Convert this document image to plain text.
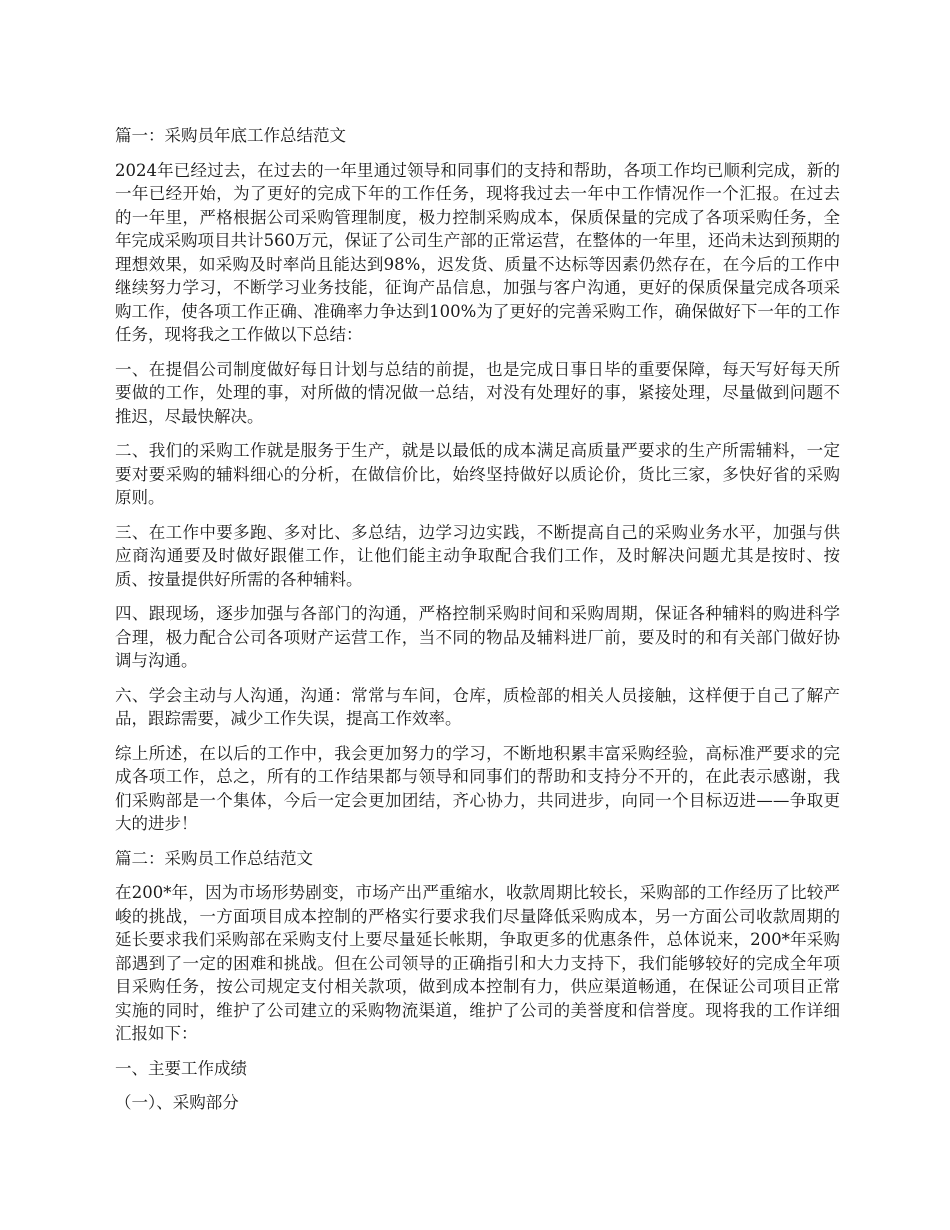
篇一：采购员年底工作总结范文
2024年已经过去，在过去的一年里通过领导和同事们的支持和帮助，各项工作均已顺利完成，新的一年已经开始，为了更好的完成下年的工作任务，现将我过去一年中工作情况作一个汇报。在过去的一年里，严格根据公司采购管理制度，极力控制采购成本，保质保量的完成了各项采购任务，全年完成采购项目共计560万元，保证了公司生产部的正常运营，在整体的一年里，还尚未达到预期的理想效果，如采购及时率尚且能达到98%，迟发货、质量不达标等因素仍然存在，在今后的工作中继续努力学习，不断学习业务技能，征询产品信息，加强与客户沟通，更好的保质保量完成各项采购工作，使各项工作正确、准确率力争达到100%为了更好的完善采购工作，确保做好下一年的工作任务，现将我之工作做以下总结：
一、在提倡公司制度做好每日计划与总结的前提，也是完成日事日毕的重要保障，每天写好每天所要做的工作，处理的事，对所做的情况做一总结，对没有处理好的事，紧接处理，尽量做到问题不推迟，尽最快解决。
二、我们的采购工作就是服务于生产，就是以最低的成本满足高质量严要求的生产所需辅料，一定要对要采购的辅料细心的分析，在做信价比，始终坚持做好以质论价，货比三家，多快好省的采购原则。
三、在工作中要多跑、多对比、多总结，边学习边实践，不断提高自己的采购业务水平，加强与供应商沟通要及时做好跟催工作，让他们能主动争取配合我们工作，及时解决问题尤其是按时、按质、按量提供好所需的各种辅料。
四、跟现场，逐步加强与各部门的沟通，严格控制采购时间和采购周期，保证各种辅料的购进科学合理，极力配合公司各项财产运营工作，当不同的物品及辅料进厂前，要及时的和有关部门做好协调与沟通。
六、学会主动与人沟通，沟通：常常与车间，仓库，质检部的相关人员接触，这样便于自己了解产品，跟踪需要，减少工作失误，提高工作效率。
综上所述，在以后的工作中，我会更加努力的学习，不断地积累丰富采购经验，高标准严要求的完成各项工作，总之，所有的工作结果都与领导和同事们的帮助和支持分不开的，在此表示感谢，我们采购部是一个集体，今后一定会更加团结，齐心协力，共同进步，向同一个目标迈进——争取更大的进步！
篇二：采购员工作总结范文
在200*年，因为市场形势剧变，市场产出严重缩水，收款周期比较长，采购部的工作经历了比较严峻的挑战，一方面项目成本控制的严格实行要求我们尽量降低采购成本，另一方面公司收款周期的延长要求我们采购部在采购支付上要尽量延长帐期，争取更多的优惠条件，总体说来，200*年采购部遇到了一定的困难和挑战。但在公司领导的正确指引和大力支持下，我们能够较好的完成全年项目采购任务，按公司规定支付相关款项，做到成本控制有力，供应渠道畅通，在保证公司项目正常实施的同时，维护了公司建立的采购物流渠道，维护了公司的美誉度和信誉度。现将我的工作详细汇报如下：
一、主要工作成绩
（一）、采购部分
